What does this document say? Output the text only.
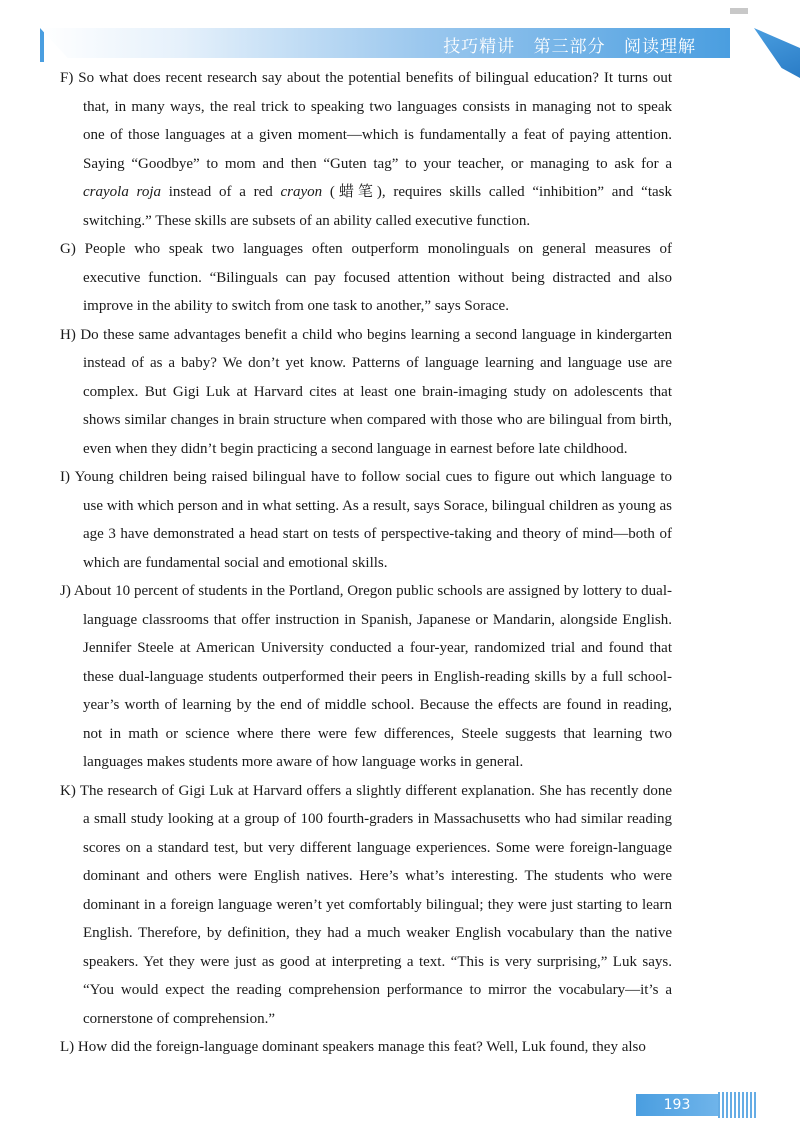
技巧精讲 第三部分 阅读理解

F) So what does recent research say about the potential benefits of bilingual education? It turns out that, in many ways, the real trick to speaking two languages consists in managing not to speak one of those languages at a given moment—which is fundamentally a feat of paying attention. Saying “Goodbye” to mom and then “Guten tag” to your teacher, or managing to ask for a crayola roja instead of a red crayon (蜡笔), requires skills called “inhibition” and “task switching.” These skills are subsets of an ability called executive function.

G) People who speak two languages often outperform monolinguals on general measures of executive function. “Bilinguals can pay focused attention without being distracted and also improve in the ability to switch from one task to another,” says Sorace.

H) Do these same advantages benefit a child who begins learning a second language in kindergarten instead of as a baby? We don’t yet know. Patterns of language learning and language use are complex. But Gigi Luk at Harvard cites at least one brain-imaging study on adolescents that shows similar changes in brain structure when compared with those who are bilingual from birth, even when they didn’t begin practicing a second language in earnest before late childhood.

I) Young children being raised bilingual have to follow social cues to figure out which language to use with which person and in what setting. As a result, says Sorace, bilingual children as young as age 3 have demonstrated a head start on tests of perspective-taking and theory of mind—both of which are fundamental social and emotional skills.

J) About 10 percent of students in the Portland, Oregon public schools are assigned by lottery to dual-language classrooms that offer instruction in Spanish, Japanese or Mandarin, alongside English. Jennifer Steele at American University conducted a four-year, randomized trial and found that these dual-language students outperformed their peers in English-reading skills by a full school-year’s worth of learning by the end of middle school. Because the effects are found in reading, not in math or science where there were few differences, Steele suggests that learning two languages makes students more aware of how language works in general.

K) The research of Gigi Luk at Harvard offers a slightly different explanation. She has recently done a small study looking at a group of 100 fourth-graders in Massachusetts who had similar reading scores on a standard test, but very different language experiences. Some were foreign-language dominant and others were English natives. Here’s what’s interesting. The students who were dominant in a foreign language weren’t yet comfortably bilingual; they were just starting to learn English. Therefore, by definition, they had a much weaker English vocabulary than the native speakers. Yet they were just as good at interpreting a text. “This is very surprising,” Luk says. “You would expect the reading comprehension performance to mirror the vocabulary—it’s a cornerstone of comprehension.”

L) How did the foreign-language dominant speakers manage this feat? Well, Luk found, they also

193
